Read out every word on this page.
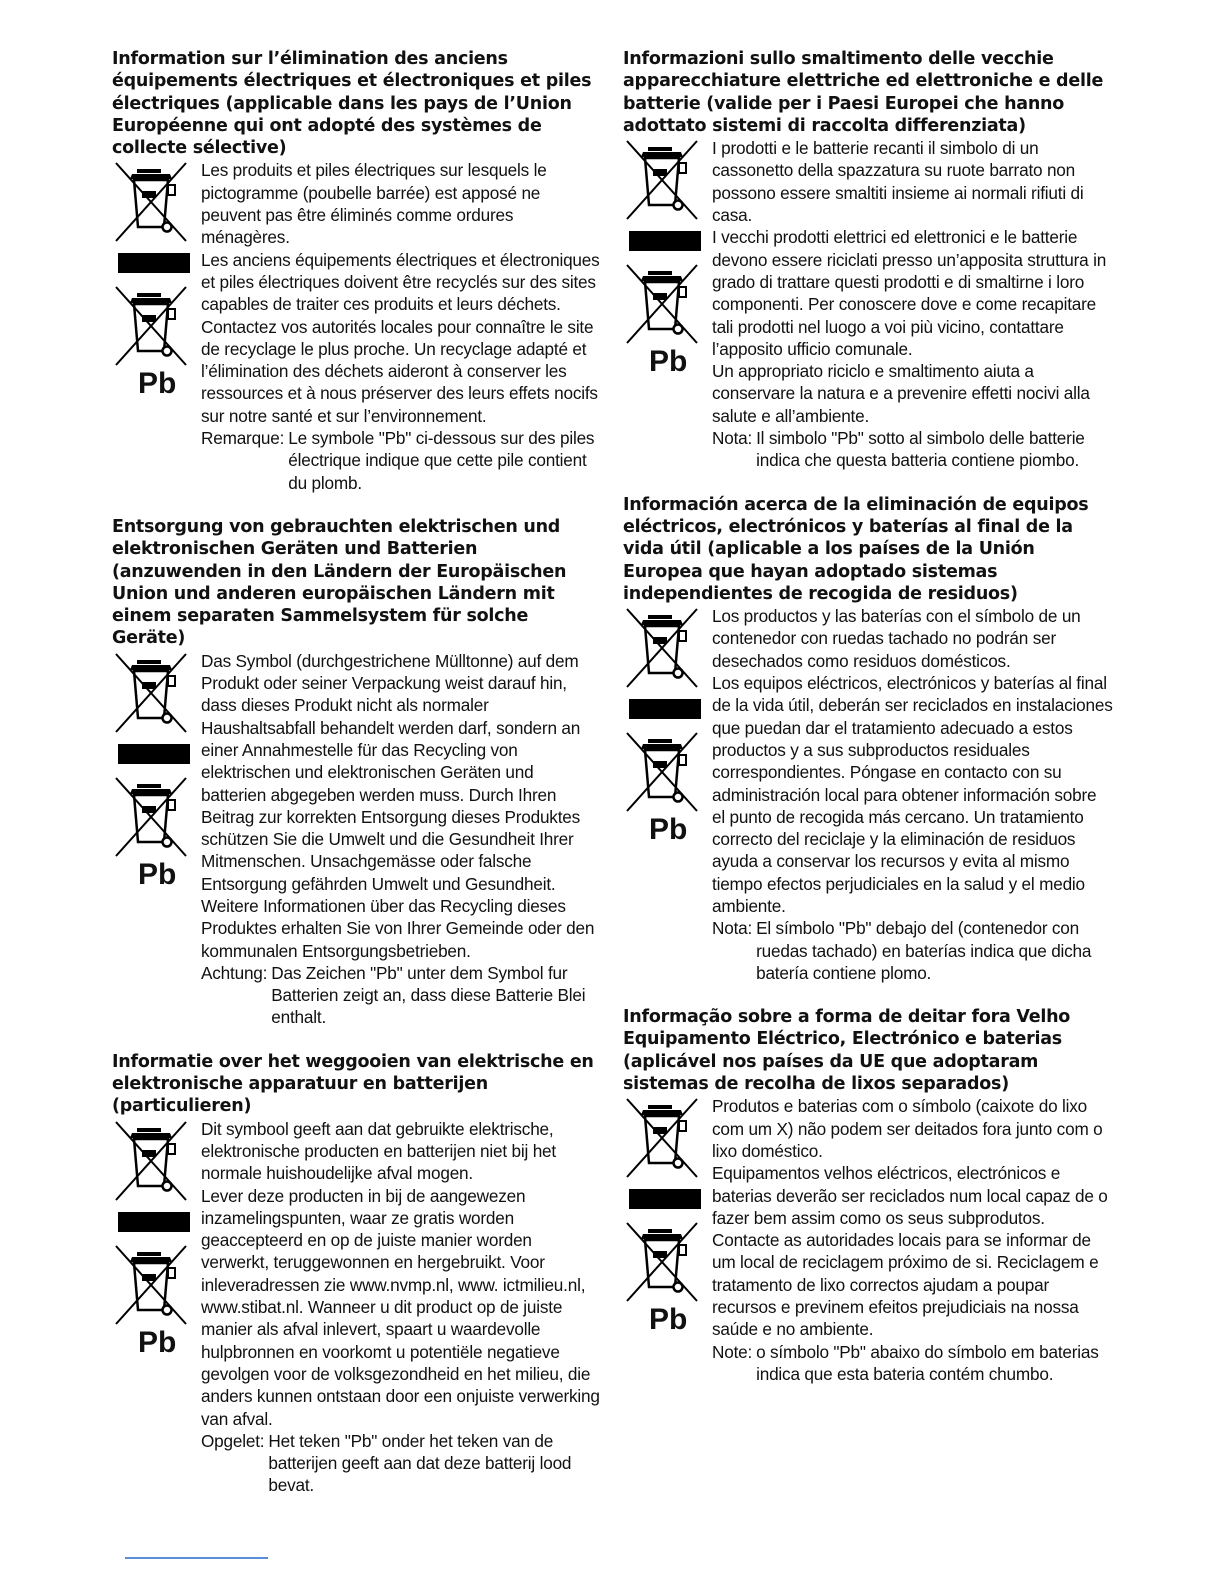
Information sur l’élimination des anciens équipements électriques et électroniques et piles électriques (applicable dans les pays de l’Union Européenne qui ont adopté des systèmes de collecte sélective)
Pb

Les produits et piles électriques sur lesquels le pictogramme (poubelle barrée) est apposé ne peuvent pas être éliminés comme ordures ménagères.

Les anciens équipements électriques et électroniques et piles électriques doivent être recyclés sur des sites capables de traiter ces produits et leurs déchets. Contactez vos autorités locales pour connaître le site de recyclage le plus proche. Un recyclage adapté et l’élimination des déchets aideront à conserver les ressources et à nous préserver des leurs effets nocifs sur notre santé et sur l’environnement.

Remarque: Le symbole "Pb" ci-dessous sur des piles électrique indique que cette pile contient du plomb.
Entsorgung von gebrauchten elektrischen und elektronischen Geräten und Batterien (anzuwenden in den Ländern der Europäischen Union und anderen europäischen Ländern mit einem separaten Sammelsystem für solche Geräte)
Pb

Das Symbol (durchgestrichene Mülltonne) auf dem Produkt oder seiner Verpackung weist darauf hin, dass dieses Produkt nicht als normaler Haushaltsabfall behandelt werden darf, sondern an einer Annahmestelle für das Recycling von elektrischen und elektronischen Geräten und batterien abgegeben werden muss. Durch Ihren Beitrag zur korrekten Entsorgung dieses Produktes schützen Sie die Umwelt und die Gesundheit Ihrer Mitmenschen. Unsachgemässe oder falsche Entsorgung gefährden Umwelt und Gesundheit. Weitere Informationen über das Recycling dieses Produktes erhalten Sie von Ihrer Gemeinde oder den kommunalen Entsorgungsbetrieben.

Achtung: Das Zeichen "Pb" unter dem Symbol fur Batterien zeigt an, dass diese Batterie Blei enthalt.
Informatie over het weggooien van elektrische en elektronische apparatuur en batterijen (particulieren)
Pb

Dit symbool geeft aan dat gebruikte elektrische, elektronische producten en batterijen niet bij het normale huishoudelijke afval mogen.

Lever deze producten in bij de aangewezen inzamelingspunten, waar ze gratis worden geaccepteerd en op de juiste manier worden verwerkt, teruggewonnen en hergebruikt. Voor inleveradressen zie www.nvmp.nl, www. ictmilieu.nl, www.stibat.nl. Wanneer u dit product op de juiste manier als afval inlevert, spaart u waardevolle hulpbronnen en voorkomt u potentiële negatieve gevolgen voor de volksgezondheid en het milieu, die anders kunnen ontstaan door een onjuiste verwerking van afval.

Opgelet: Het teken "Pb" onder het teken van de batterijen geeft aan dat deze batterij lood bevat.
Informazioni sullo smaltimento delle vecchie apparecchiature elettriche ed elettroniche e delle batterie (valide per i Paesi Europei che hanno adottato sistemi di raccolta differenziata)
Pb

I prodotti e le batterie recanti il simbolo di un cassonetto della spazzatura su ruote barrato non possono essere smaltiti insieme ai normali rifiuti di casa.

I vecchi prodotti elettrici ed elettronici e le batterie devono essere riciclati presso un’apposita struttura in grado di trattare questi prodotti e di smaltirne i loro componenti. Per conoscere dove e come recapitare tali prodotti nel luogo a voi più vicino, contattare l’apposito ufficio comunale.

Un appropriato riciclo e smaltimento aiuta a conservare la natura e a prevenire effetti nocivi alla salute e all’ambiente.

Nota: Il simbolo "Pb" sotto al simbolo delle batterie indica che questa batteria contiene piombo.
Información acerca de la eliminación de equipos eléctricos, electrónicos y baterías al final de la vida útil (aplicable a los países de la Unión Europea que hayan adoptado sistemas independientes de recogida de residuos)
Pb

Los productos y las baterías con el símbolo de un contenedor con ruedas tachado no podrán ser desechados como residuos domésticos.

Los equipos eléctricos, electrónicos y baterías al final de la vida útil, deberán ser reciclados en instalaciones que puedan dar el tratamiento adecuado a estos productos y a sus subproductos residuales correspondientes. Póngase en contacto con su administración local para obtener información sobre el punto de recogida más cercano. Un tratamiento correcto del reciclaje y la eliminación de residuos ayuda a conservar los recursos y evita al mismo tiempo efectos perjudiciales en la salud y el medio ambiente.

Nota: El símbolo "Pb" debajo del (contenedor con ruedas tachado) en baterías indica que dicha batería contiene plomo.
Informação sobre a forma de deitar fora Velho Equipamento Eléctrico, Electrónico e baterias (aplicável nos países da UE que adoptaram sistemas de recolha de lixos separados)
Pb

Produtos e baterias com o símbolo (caixote do lixo com um X) não podem ser deitados fora junto com o lixo doméstico.

Equipamentos velhos eléctricos, electrónicos e baterias deverão ser reciclados num local capaz de o fazer bem assim como os seus subprodutos. Contacte as autoridades locais para se informar de um local de reciclagem próximo de si. Reciclagem e tratamento de lixo correctos ajudam a poupar recursos e previnem efeitos prejudiciais na nossa saúde e no ambiente.

Note: o símbolo "Pb" abaixo do símbolo em baterias indica que esta bateria contém chumbo.
